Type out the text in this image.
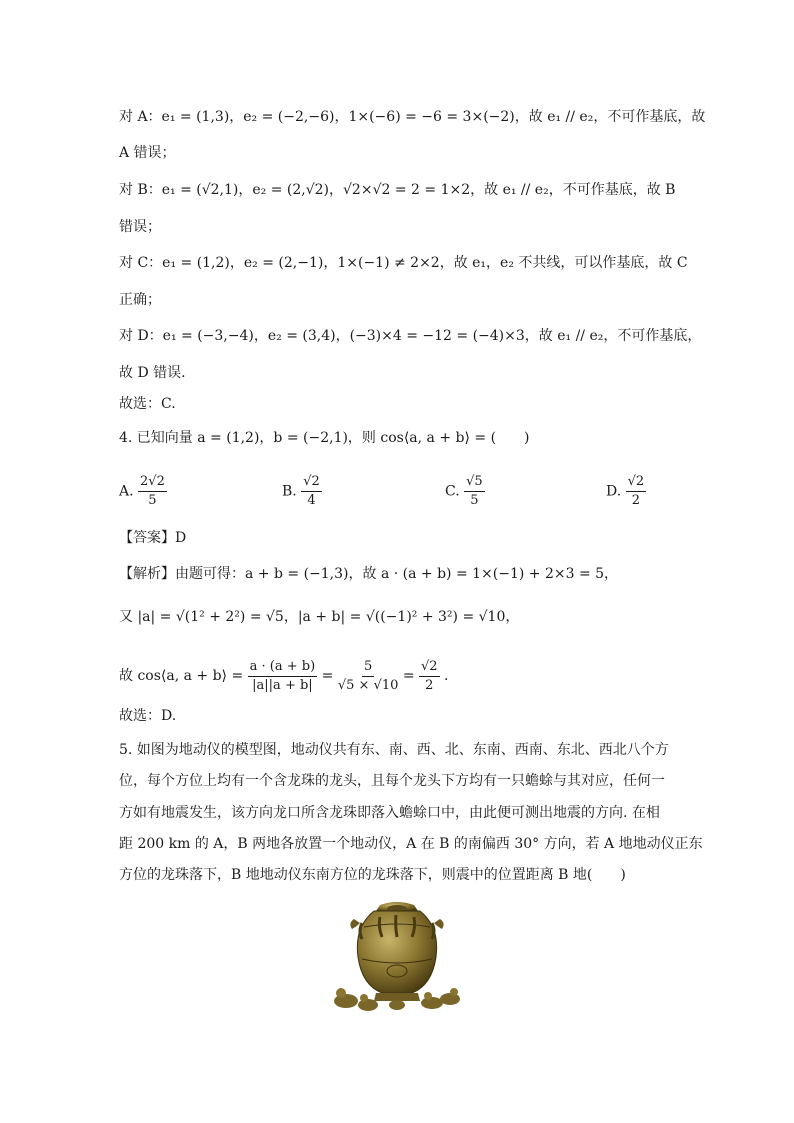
对 A：e₁ = (1,3)，e₂ = (−2,−6)，1×(−6) = −6 = 3×(−2)，故 e₁ // e₂，不可作基底，故
A 错误；
对 B：e₁ = (√2,1)，e₂ = (2,√2)，√2×√2 = 2 = 1×2，故 e₁ // e₂，不可作基底，故 B
错误；
对 C：e₁ = (1,2)，e₂ = (2,−1)，1×(−1) ≠ 2×2，故 e₁，e₂ 不共线，可以作基底，故 C
正确；
对 D：e₁ = (−3,−4)，e₂ = (3,4)，(−3)×4 = −12 = (−4)×3，故 e₁ // e₂，不可作基底，
故 D 错误.
故选：C.
4. 已知向量 a = (1,2)，b = (−2,1)，则 cos⟨a, a + b⟩ = (　　)
A. $\frac{2√2}{5}$	B. $\frac{√2}{4}$	C. $\frac{√5}{5}$	D. $\frac{√2}{2}$
【答案】D
【解析】由题可得：a + b = (−1,3)，故 a · (a + b) = 1×(−1) + 2×3 = 5，
又 |a| = √(1² + 2²) = √5，|a + b| = √((−1)² + 3²) = √10，
故 cos⟨a, a + b⟩ = $\frac{a \cdot (a + b)}{|a||a + b|} = \frac{5}{√5 \times √10} = \frac{√2}{2}$ .
故选：D.
5. 如图为地动仪的模型图，地动仪共有东、南、西、北、东南、西南、东北、西北八个方
位，每个方位上均有一个含龙珠的龙头，且每个龙头下方均有一只蟾蜍与其对应，任何一
方如有地震发生，该方向龙口所含龙珠即落入蟾蜍口中，由此便可测出地震的方向. 在相
距 200 km 的 A，B 两地各放置一个地动仪，A 在 B 的南偏西 30° 方向，若 A 地地动仪正东
方位的龙珠落下，B 地地动仪东南方位的龙珠落下，则震中的位置距离 B 地(　　)
